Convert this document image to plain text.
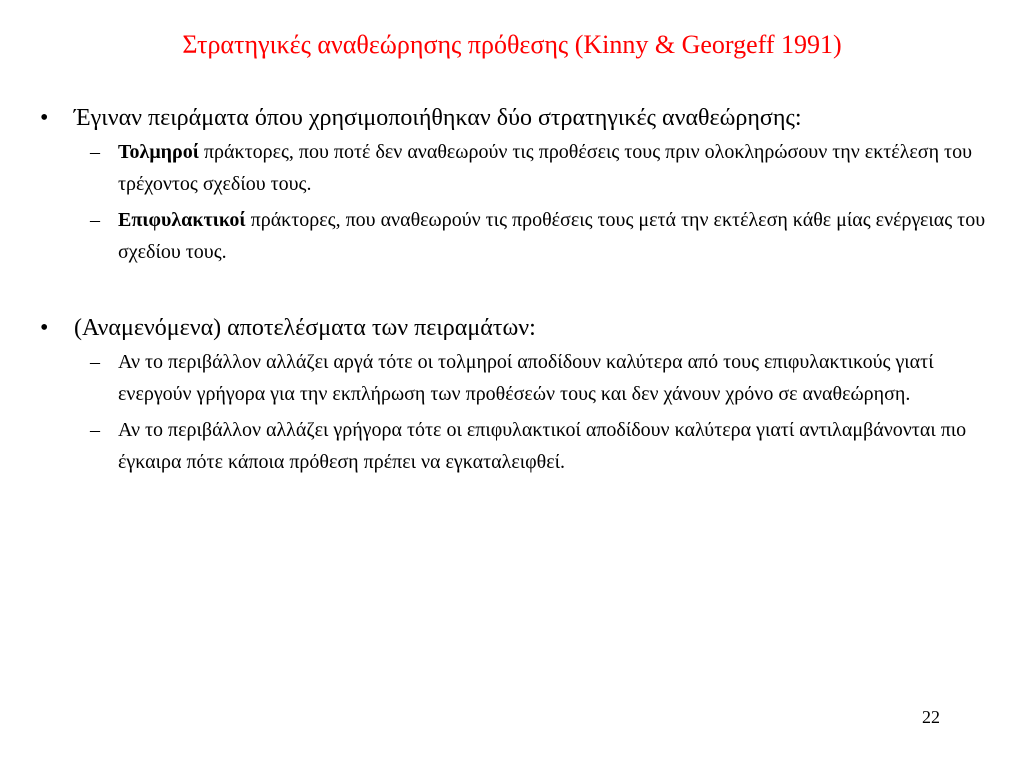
Στρατηγικές αναθεώρησης πρόθεσης (Kinny & Georgeff 1991)
• Έγιναν πειράματα όπου χρησιμοποιήθηκαν δύο στρατηγικές αναθεώρησης:
– Τολμηροί πράκτορες, που ποτέ δεν αναθεωρούν τις προθέσεις τους πριν ολοκληρώσουν την εκτέλεση του τρέχοντος σχεδίου τους.
– Επιφυλακτικοί πράκτορες, που αναθεωρούν τις προθέσεις τους μετά την εκτέλεση κάθε μίας ενέργειας του σχεδίου τους.
• (Αναμενόμενα) αποτελέσματα των πειραμάτων:
– Αν το περιβάλλον αλλάζει αργά τότε οι τολμηροί αποδίδουν καλύτερα από τους επιφυλακτικούς γιατί ενεργούν γρήγορα για την εκπλήρωση των προθέσεών τους και δεν χάνουν χρόνο σε αναθεώρηση.
– Αν το περιβάλλον αλλάζει γρήγορα τότε οι επιφυλακτικοί αποδίδουν καλύτερα γιατί αντιλαμβάνονται πιο έγκαιρα πότε κάποια πρόθεση πρέπει να εγκαταλειφθεί.
22
